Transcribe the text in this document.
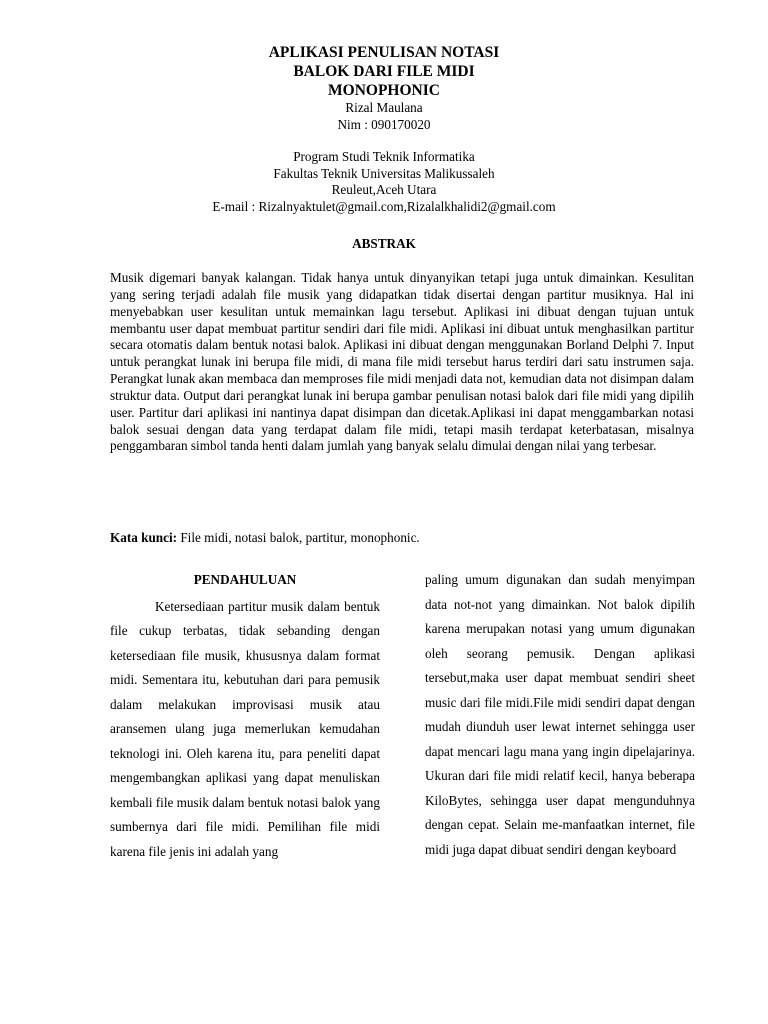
APLIKASI PENULISAN NOTASI
BALOK DARI FILE MIDI
MONOPHONIC
Rizal Maulana
Nim : 090170020
Program Studi Teknik Informatika
Fakultas Teknik Universitas Malikussaleh
Reuleut,Aceh Utara
E-mail : Rizalnyaktulet@gmail.com,Rizalalkhalidi2@gmail.com
ABSTRAK
Musik digemari banyak kalangan. Tidak hanya untuk dinyanyikan tetapi juga untuk dimainkan. Kesulitan yang sering terjadi adalah file musik yang didapatkan tidak disertai dengan partitur musiknya. Hal ini menyebabkan user kesulitan untuk memainkan lagu tersebut. Aplikasi ini dibuat dengan tujuan untuk membantu user dapat membuat partitur sendiri dari file midi. Aplikasi ini dibuat untuk menghasilkan partitur secara otomatis dalam bentuk notasi balok. Aplikasi ini dibuat dengan menggunakan Borland Delphi 7. Input untuk perangkat lunak ini berupa file midi, di mana file midi tersebut harus terdiri dari satu instrumen saja. Perangkat lunak akan membaca dan memproses file midi menjadi data not, kemudian data not disimpan dalam struktur data. Output dari perangkat lunak ini berupa gambar penulisan notasi balok dari file midi yang dipilih user. Partitur dari aplikasi ini nantinya dapat disimpan dan dicetak.Aplikasi ini dapat menggambarkan notasi balok sesuai dengan data yang terdapat dalam file midi, tetapi masih terdapat keterbatasan, misalnya penggambaran simbol tanda henti dalam jumlah yang banyak selalu dimulai dengan nilai yang terbesar.
Kata kunci: File midi, notasi balok, partitur, monophonic.
PENDAHULUAN

Ketersediaan partitur musik dalam bentuk file cukup terbatas, tidak sebanding dengan ketersediaan file musik, khususnya dalam format midi. Sementara itu, kebutuhan dari para pemusik dalam melakukan improvisasi musik atau aransemen ulang juga memerlukan kemudahan teknologi ini. Oleh karena itu, para peneliti dapat mengembangkan aplikasi yang dapat menuliskan kembali file musik dalam bentuk notasi balok yang sumbernya dari file midi. Pemilihan file midi karena file jenis ini adalah yang

paling umum digunakan dan sudah menyimpan data not-not yang dimainkan. Not balok dipilih karena merupakan notasi yang umum digunakan oleh seorang pemusik. Dengan aplikasi tersebut,maka user dapat membuat sendiri sheet music dari file midi.File midi sendiri dapat dengan mudah diunduh user lewat internet sehingga user dapat mencari lagu mana yang ingin dipelajarinya. Ukuran dari file midi relatif kecil, hanya beberapa KiloBytes, sehingga user dapat mengunduhnya dengan cepat. Selain me-manfaatkan internet, file midi juga dapat dibuat sendiri dengan keyboard
